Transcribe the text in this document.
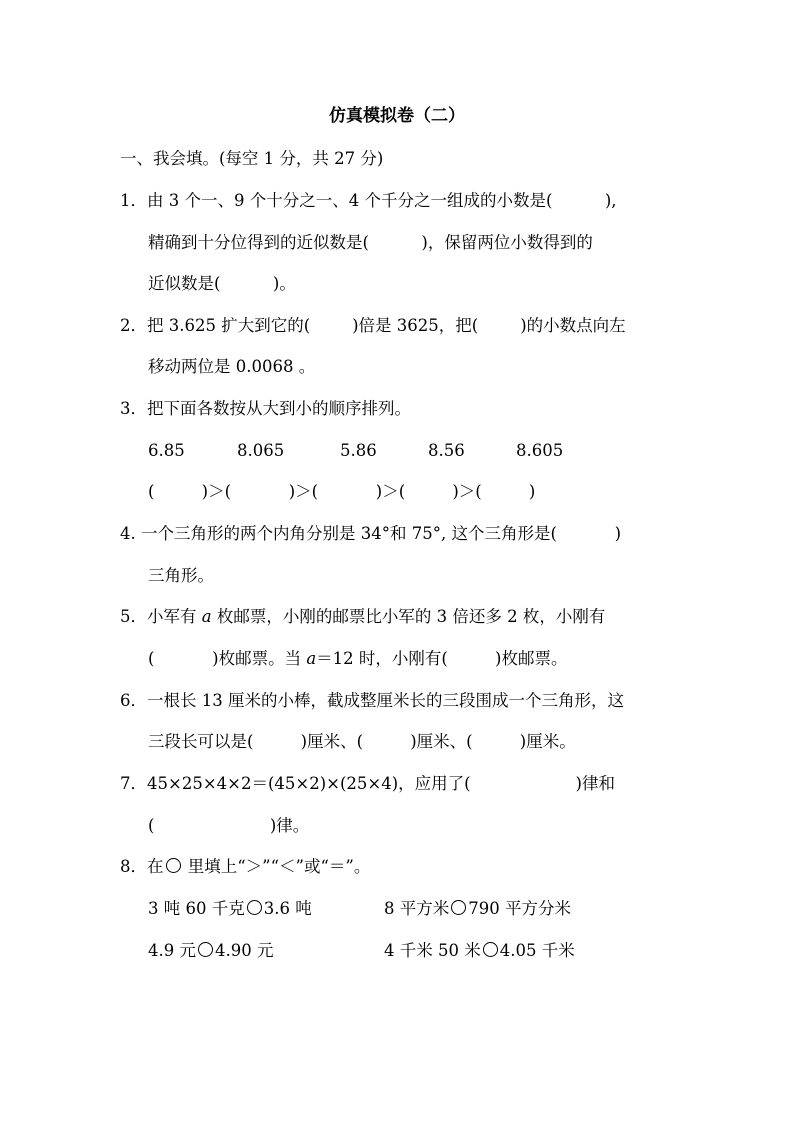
仿真模拟卷（二）
一、我会填。(每空 1 分，共 27 分)
1．由 3 个一、9 个十分之一、4 个千分之一组成的小数是(          ),
精确到十分位得到的近似数是(          )，保留两位小数得到的
近似数是(          )。
2．把 3.625 扩大到它的(        )倍是 3625，把(        )的小数点向左
移动两位是 0.0068 。
3．把下面各数按从大到小的顺序排列。
6.85	8.065	5.86	8.56	8.605
(         )＞(           )＞(           )＞(         )＞(         )
4. 一个三角形的两个内角分别是 34°和 75°, 这个三角形是(           )
三角形。
5．小军有 a 枚邮票，小刚的邮票比小军的 3 倍还多 2 枚，小刚有
(           )枚邮票。当 a＝12 时，小刚有(         )枚邮票。
6．一根长 13 厘米的小棒，截成整厘米长的三段围成一个三角形，这
三段长可以是(         )厘米、(         )厘米、(         )厘米。
7．45×25×4×2＝(45×2)×(25×4)，应用了(                    )律和
(                      )律。
8．在 里填上“＞”“＜”或“＝”。
3 吨 60 千克 3.6 吨	8 平方米 790 平方分米
4.9 元 4.90 元	4 千米 50 米 4.05 千米
